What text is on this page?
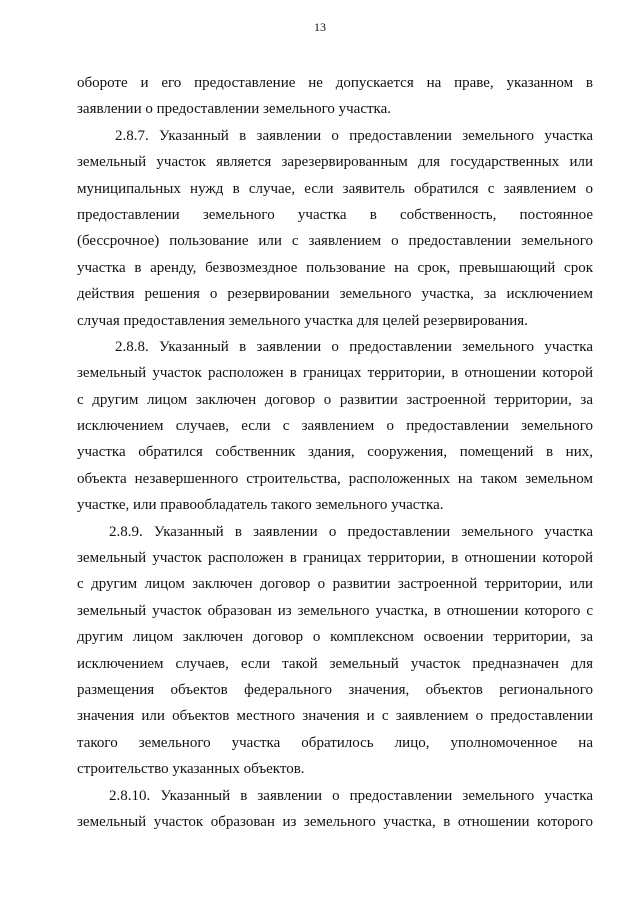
13
обороте и его предоставление не допускается на праве, указанном в
заявлении о предоставлении земельного участка.
2.8.7. Указанный в заявлении о предоставлении земельного участка
земельный участок является зарезервированным для государственных или
муниципальных нужд в случае, если заявитель обратился с заявлением о
предоставлении земельного участка в собственность, постоянное
(бессрочное) пользование или с заявлением о предоставлении земельного
участка в аренду, безвозмездное пользование на срок, превышающий срок
действия решения о резервировании земельного участка, за исключением
случая предоставления земельного участка для целей резервирования.
2.8.8. Указанный в заявлении о предоставлении земельного участка
земельный участок расположен в границах территории, в отношении которой
с другим лицом заключен договор о развитии застроенной территории, за
исключением случаев, если с заявлением о предоставлении земельного
участка обратился собственник здания, сооружения, помещений в них,
объекта незавершенного строительства, расположенных на таком земельном
участке, или правообладатель такого земельного участка.
2.8.9. Указанный в заявлении о предоставлении земельного участка
земельный участок расположен в границах территории, в отношении которой
с другим лицом заключен договор о развитии застроенной территории, или
земельный участок образован из земельного участка, в отношении которого с
другим лицом заключен договор о комплексном освоении территории, за
исключением случаев, если такой земельный участок предназначен для
размещения объектов федерального значения, объектов регионального
значения или объектов местного значения и с заявлением о предоставлении
такого земельного участка обратилось лицо, уполномоченное на
строительство указанных объектов.
2.8.10. Указанный в заявлении о предоставлении земельного участка
земельный участок образован из земельного участка, в отношении которого
